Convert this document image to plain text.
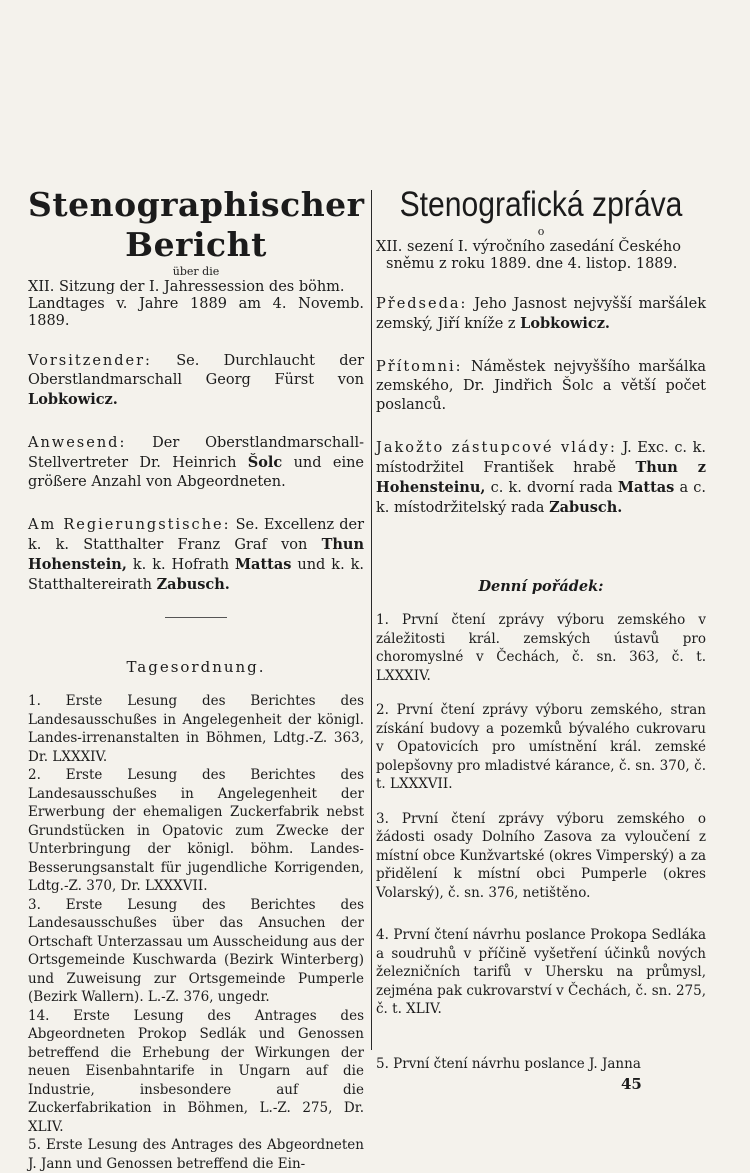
Stenographischer Bericht

über die

XII. Sitzung der I. Jahressession des böhm.

Landtages v. Jahre 1889 am 4. Novemb. 1889.

Vorsitzender: Se. Durchlaucht der Oberstlandmarschall Georg Fürst von Lobkowicz.

Anwesend: Der Oberstlandmarschall-Stellvertreter Dr. Heinrich Šolc und eine größere Anzahl von Abgeordneten.

Am Regierungstische: Se. Excellenz der k. k. Statthalter Franz Graf von Thun Hohenstein, k. k. Hofrath Mattas und k. k. Statthaltereirath Zabusch.

Tagesordnung.

1. Erste Lesung des Berichtes des Landesausschußes in Angelegenheit der königl. Landes-irrenanstalten in Böhmen, Ldtg.-Z. 363, Dr. LXXXIV.

2. Erste Lesung des Berichtes des Landesausschußes in Angelegenheit der Erwerbung der ehemaligen Zuckerfabrik nebst Grundstücken in Opatovic zum Zwecke der Unterbringung der königl. böhm. Landes-Besserungsanstalt für jugendliche Korrigenden, Ldtg.-Z. 370, Dr. LXXXVII.

3. Erste Lesung des Berichtes des Landesausschußes über das Ansuchen der Ortschaft Unterzassau um Ausscheidung aus der Ortsgemeinde Kuschwarda (Bezirk Winterberg) und Zuweisung zur Ortsgemeinde Pumperle (Bezirk Wallern). L.-Z. 376, ungedr.

14. Erste Lesung des Antrages des Abgeordneten Prokop Sedlák und Genossen betreffend die Erhebung der Wirkungen der neuen Eisenbahntarife in Ungarn auf die Industrie, insbesondere auf die Zuckerfabrikation in Böhmen, L.-Z. 275, Dr. XLIV.

5. Erste Lesung des Antrages des Abgeordneten J. Jann und Genossen betreffend die Ein-

Stenografická zpráva

o

XII. sezení I. výročního zasedání Českého

sněmu z roku 1889. dne 4. listop. 1889.

Předseda: Jeho Jasnost nejvyšší maršálek zemský, Jiří kníže z Lobkowicz.

Přítomni: Náměstek nejvyššího maršálka zemského, Dr. Jindřich Šolc a větší počet poslanců.

Jakožto zástupcové vlády: J. Exc. c. k. místodržitel František hrabě Thun z Hohensteinu, c. k. dvorní rada Mattas a c. k. místodržitelský rada Zabusch.

Denní pořádek:

1. První čtení zprávy výboru zemského v záležitosti král. zemských ústavů pro choromyslné v Čechách, č. sn. 363, č. t. LXXXIV.

2. První čtení zprávy výboru zemského, stran získání budovy a pozemků bývalého cukrovaru v Opatovicích pro umístnění král. zemské polepšovny pro mladistvé kárance, č. sn. 370, č. t. LXXXVII.

3. První čtení zprávy výboru zemského o žádosti osady Dolního Zasova za vyloučení z místní obce Kunžvartské (okres Vimperský) a za přidělení k místní obci Pumperle (okres Volarský), č. sn. 376, netištěno.

4. První čtení návrhu poslance Prokopa Sedláka a soudruhů v příčině vyšetření účinků nových železničních tarifů v Uhersku na průmysl, zejména pak cukrovarství v Čechách, č. sn. 275, č. t. XLIV.

5. První čtení návrhu poslance J. Janna

45
